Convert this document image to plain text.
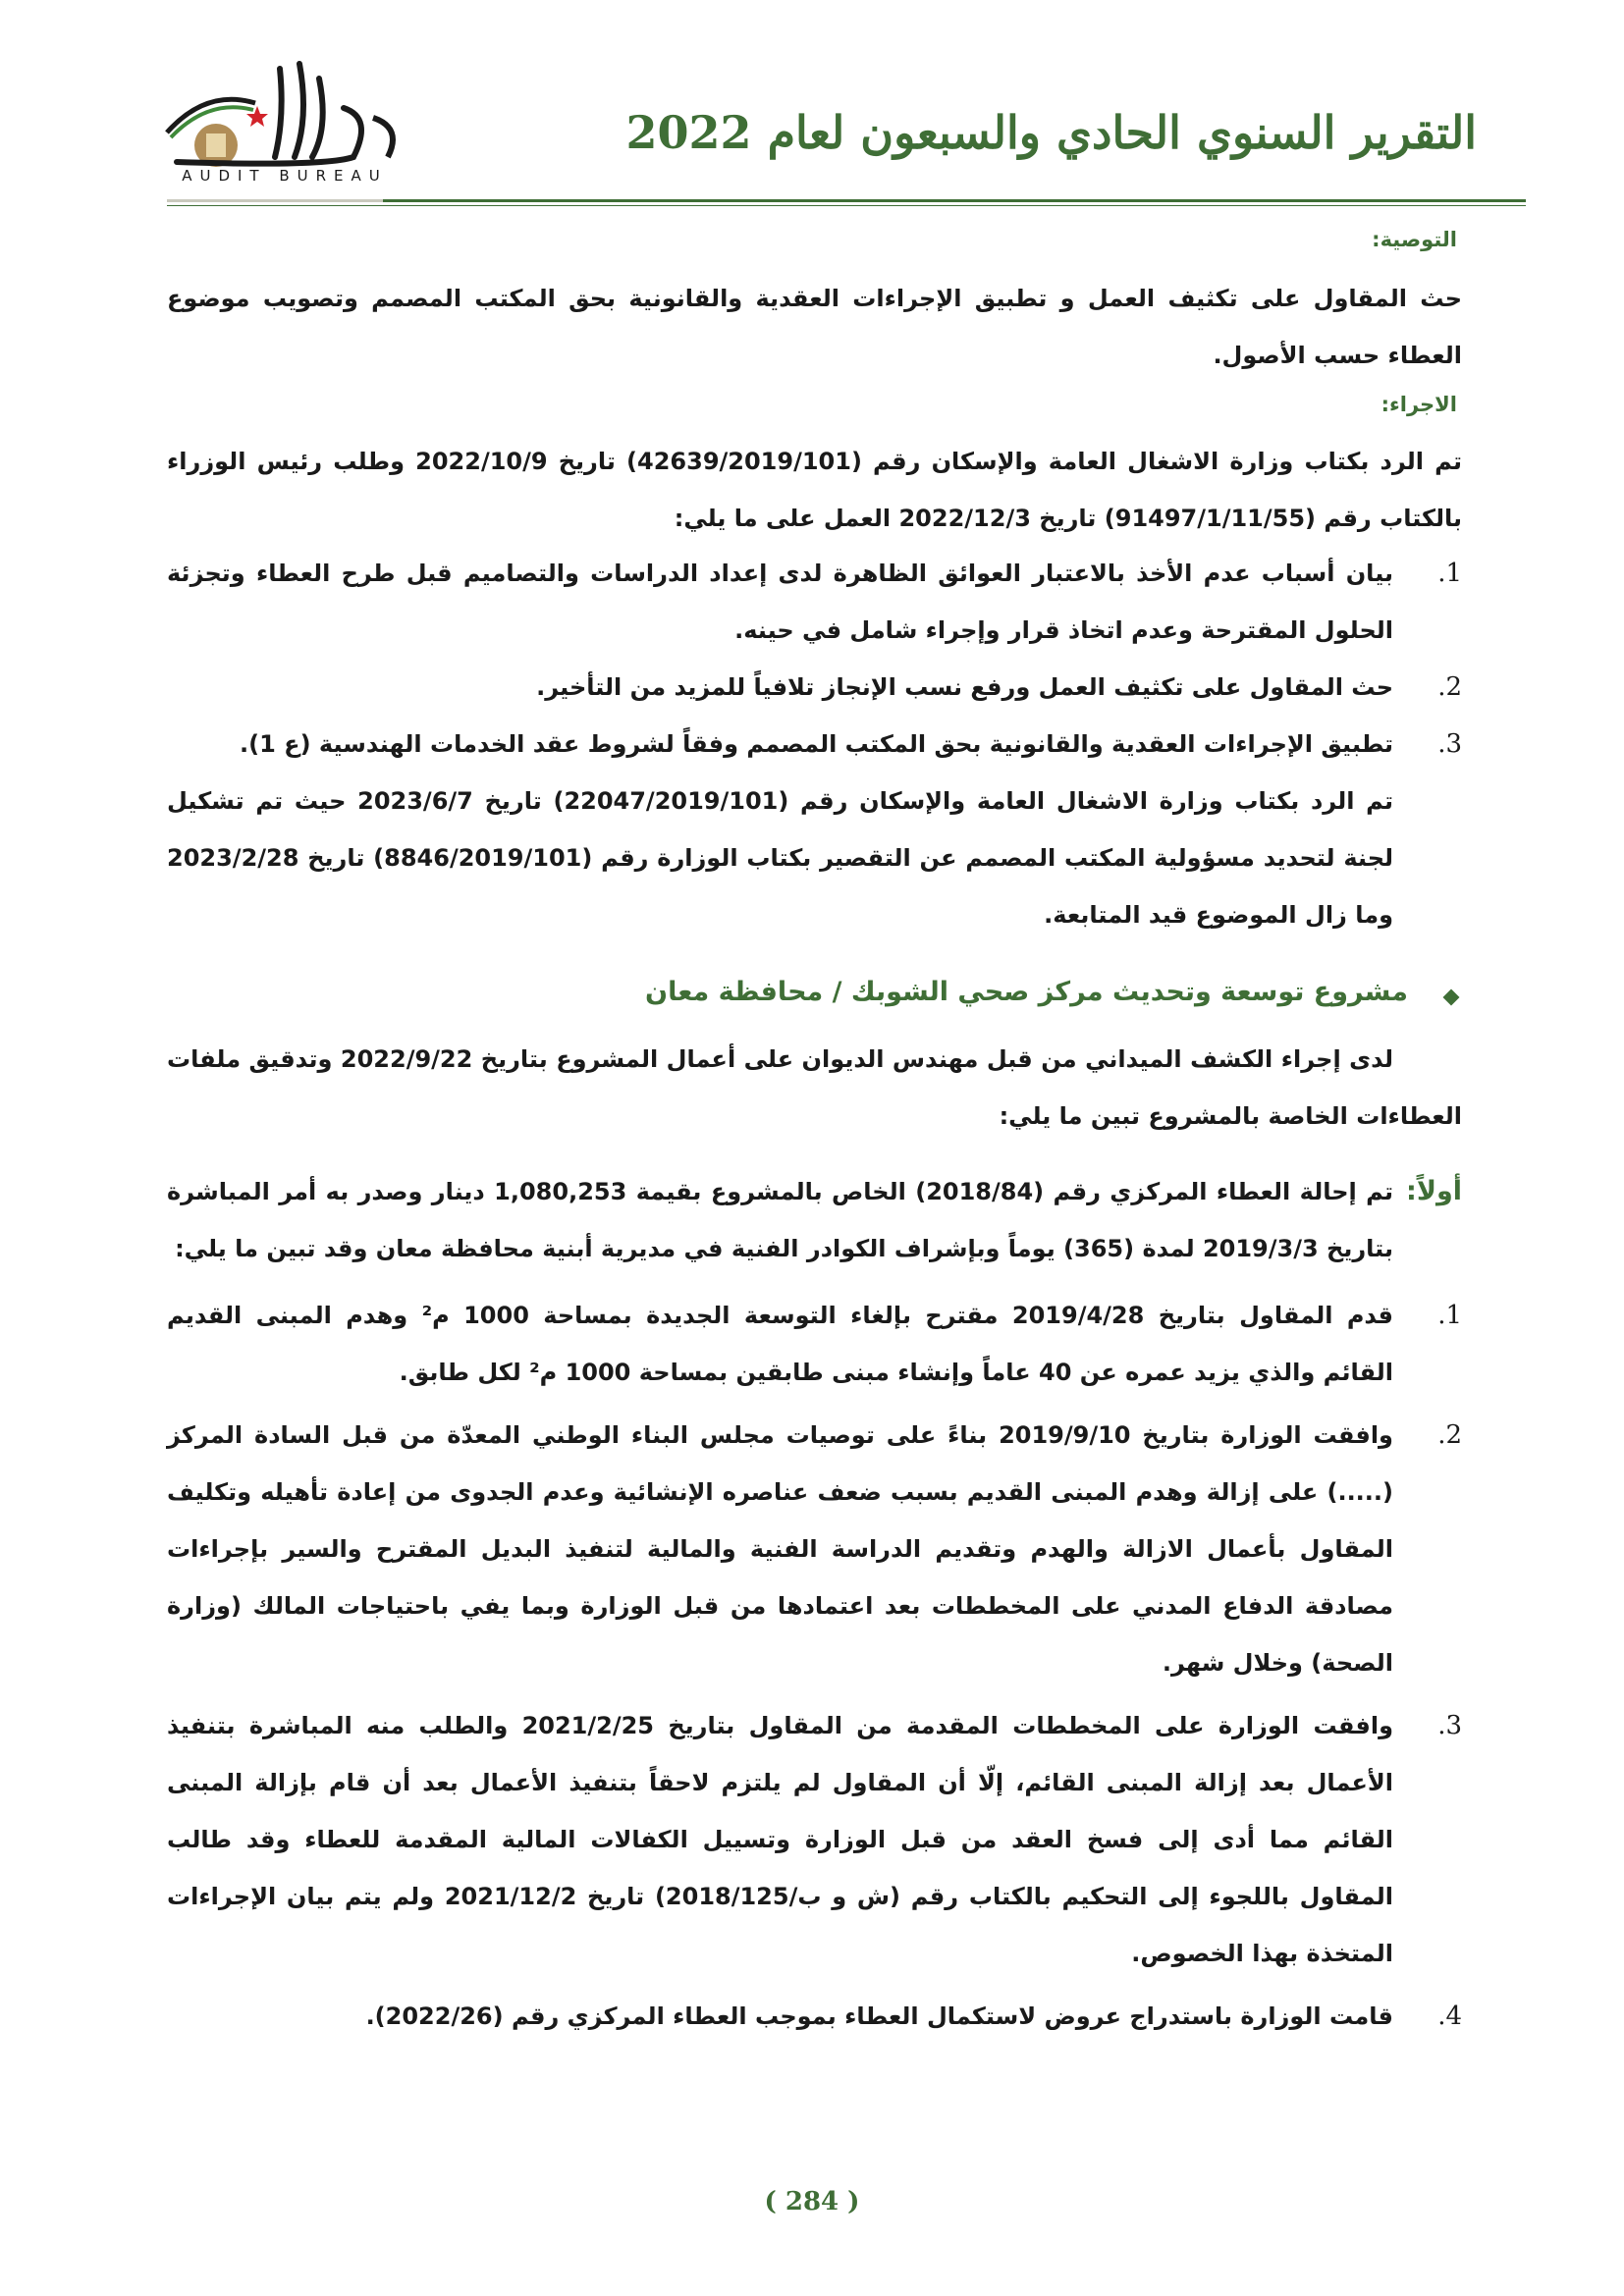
التقرير السنوي الحادي والسبعون لعام 2022
AUDIT BUREAU
التوصية:

حث المقاول على تكثيف العمل و تطبيق الإجراءات العقدية والقانونية بحق المكتب المصمم وتصويب موضوع العطاء حسب الأصول.

الاجراء:

تم الرد بكتاب وزارة الاشغال العامة والإسكان رقم (42639/2019/101) تاريخ 2022/10/9 وطلب رئيس الوزراء بالكتاب رقم (91497/1/11/55) تاريخ 2022/12/3 العمل على ما يلي:

1.
بيان أسباب عدم الأخذ بالاعتبار العوائق الظاهرة لدى إعداد الدراسات والتصاميم قبل طرح العطاء وتجزئة الحلول المقترحة وعدم اتخاذ قرار وإجراء شامل في حينه.
2.
حث المقاول على تكثيف العمل ورفع نسب الإنجاز تلافياً للمزيد من التأخير.
3.
تطبيق الإجراءات العقدية والقانونية بحق المكتب المصمم وفقاً لشروط عقد الخدمات الهندسية (ع 1).

تم الرد بكتاب وزارة الاشغال العامة والإسكان رقم (22047/2019/101) تاريخ 2023/6/7 حيث تم تشكيل لجنة لتحديد مسؤولية المكتب المصمم عن التقصير بكتاب الوزارة رقم (8846/2019/101) تاريخ 2023/2/28 وما زال الموضوع قيد المتابعة.

مشروع توسعة وتحديث مركز صحي الشوبك / محافظة معان

لدى إجراء الكشف الميداني من قبل مهندس الديوان على أعمال المشروع بتاريخ 2022/9/22 وتدقيق ملفات العطاءات الخاصة بالمشروع تبين ما يلي:

أولاً:
تم إحالة العطاء المركزي رقم (2018/84) الخاص بالمشروع بقيمة 1,080,253 دينار وصدر به أمر المباشرة بتاريخ 2019/3/3 لمدة (365) يوماً وبإشراف الكوادر الفنية في مديرية أبنية محافظة معان وقد تبين ما يلي:
1.
قدم المقاول بتاريخ 2019/4/28 مقترح بإلغاء التوسعة الجديدة بمساحة 1000 م² وهدم المبنى القديم القائم والذي يزيد عمره عن 40 عاماً وإنشاء مبنى طابقين بمساحة 1000 م² لكل طابق.
2.
وافقت الوزارة بتاريخ 2019/9/10 بناءً على توصيات مجلس البناء الوطني المعدّة من قبل السادة المركز (.....) على إزالة وهدم المبنى القديم بسبب ضعف عناصره الإنشائية وعدم الجدوى من إعادة تأهيله وتكليف المقاول بأعمال الازالة والهدم وتقديم الدراسة الفنية والمالية لتنفيذ البديل المقترح والسير بإجراءات مصادقة الدفاع المدني على المخططات بعد اعتمادها من قبل الوزارة وبما يفي باحتياجات المالك (وزارة الصحة) وخلال شهر.
3.
وافقت الوزارة على المخططات المقدمة من المقاول بتاريخ 2021/2/25 والطلب منه المباشرة بتنفيذ الأعمال بعد إزالة المبنى القائم، إلّا أن المقاول لم يلتزم لاحقاً بتنفيذ الأعمال بعد أن قام بإزالة المبنى القائم مما أدى إلى فسخ العقد من قبل الوزارة وتسييل الكفالات المالية المقدمة للعطاء وقد طالب المقاول باللجوء إلى التحكيم بالكتاب رقم (ش و ب/2018/125) تاريخ 2021/12/2 ولم يتم بيان الإجراءات المتخذة بهذا الخصوص.
4.
قامت الوزارة باستدراج عروض لاستكمال العطاء بموجب العطاء المركزي رقم (2022/26).
( 284 )
